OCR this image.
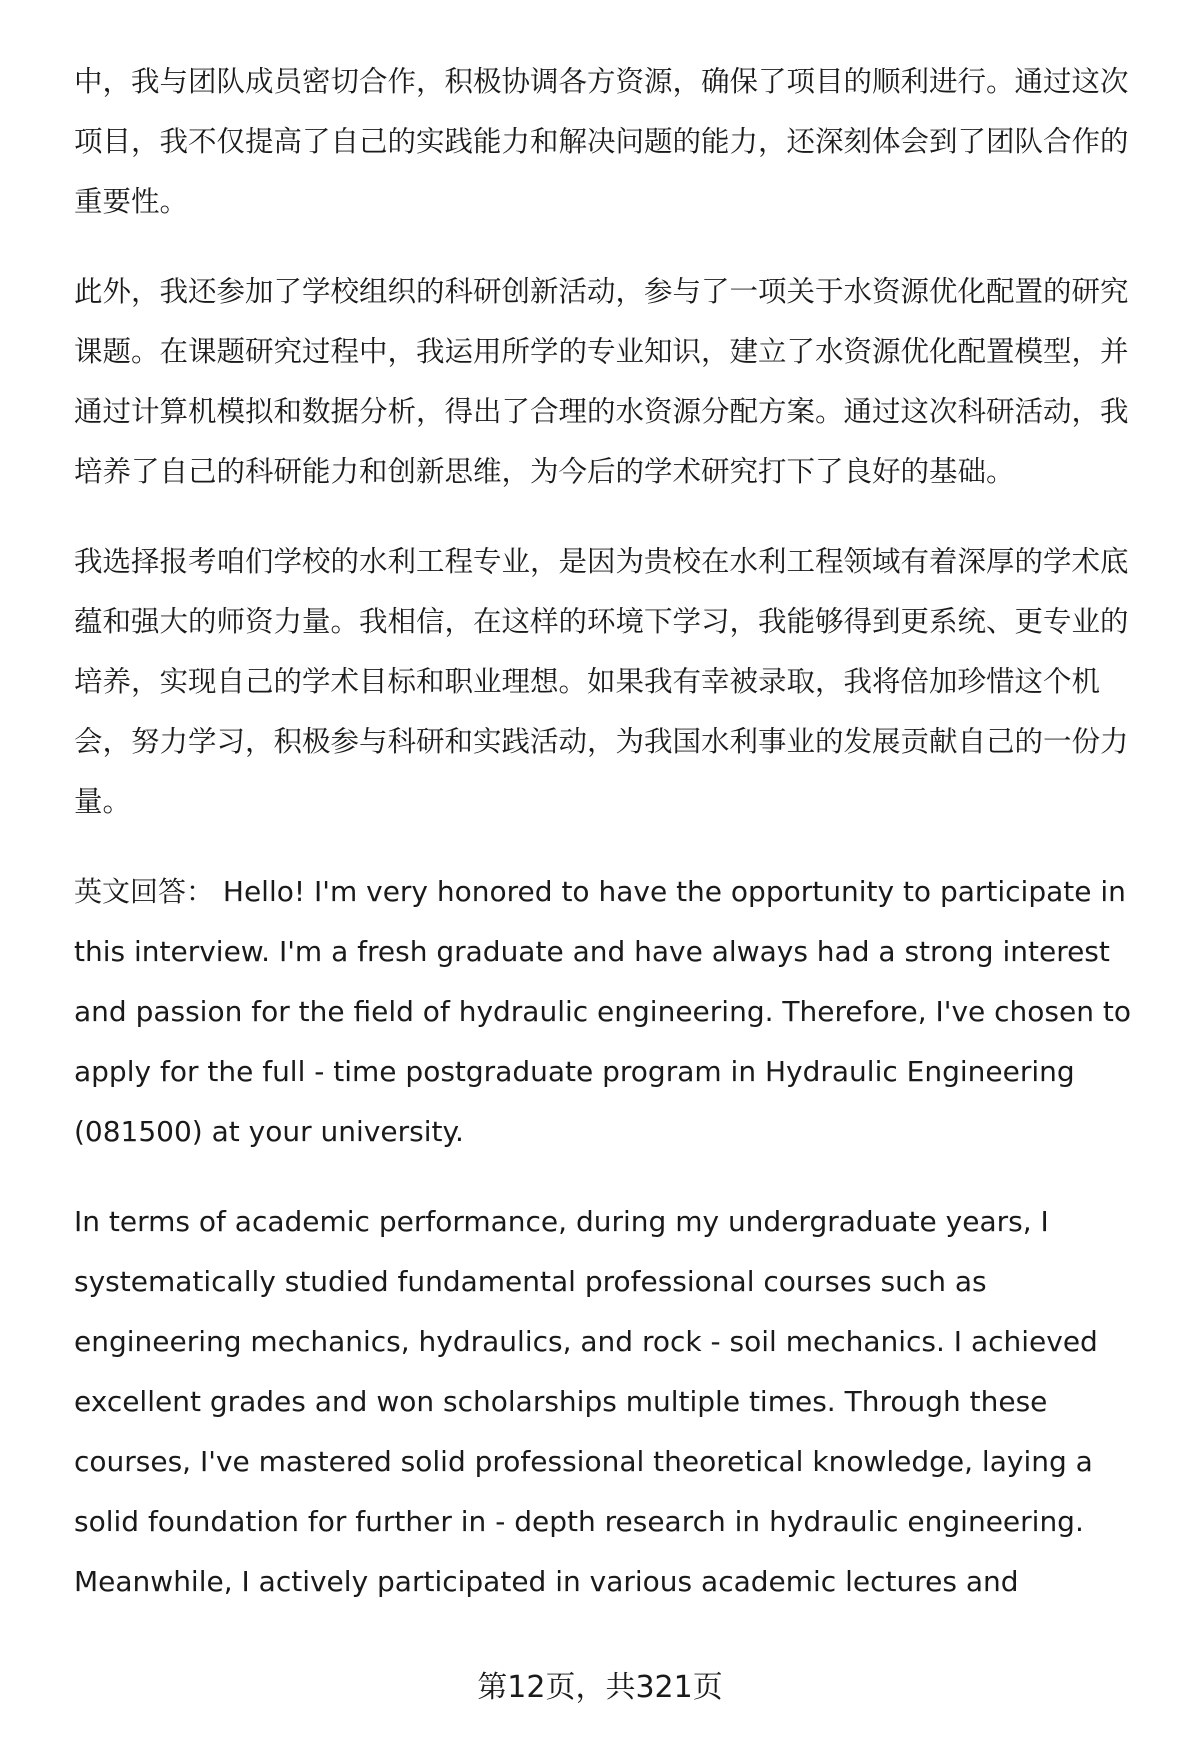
中，我与团队成员密切合作，积极协调各方资源，确保了项目的顺利进行。通过这次项目，我不仅提高了自己的实践能力和解决问题的能力，还深刻体会到了团队合作的重要性。

此外，我还参加了学校组织的科研创新活动，参与了一项关于水资源优化配置的研究课题。在课题研究过程中，我运用所学的专业知识，建立了水资源优化配置模型，并通过计算机模拟和数据分析，得出了合理的水资源分配方案。通过这次科研活动，我培养了自己的科研能力和创新思维，为今后的学术研究打下了良好的基础。

我选择报考咱们学校的水利工程专业，是因为贵校在水利工程领域有着深厚的学术底蕴和强大的师资力量。我相信，在这样的环境下学习，我能够得到更系统、更专业的培养，实现自己的学术目标和职业理想。如果我有幸被录取，我将倍加珍惜这个机会，努力学习，积极参与科研和实践活动，为我国水利事业的发展贡献自己的一份力量。

英文回答： Hello! I'm very honored to have the opportunity to participate in this interview. I'm a fresh graduate and have always had a strong interest and passion for the field of hydraulic engineering. Therefore, I've chosen to apply for the full - time postgraduate program in Hydraulic Engineering (081500) at your university.

In terms of academic performance, during my undergraduate years, I systematically studied fundamental professional courses such as engineering mechanics, hydraulics, and rock - soil mechanics. I achieved excellent grades and won scholarships multiple times. Through these courses, I've mastered solid professional theoretical knowledge, laying a solid foundation for further in - depth research in hydraulic engineering. Meanwhile, I actively participated in various academic lectures and

第12页，共321页
